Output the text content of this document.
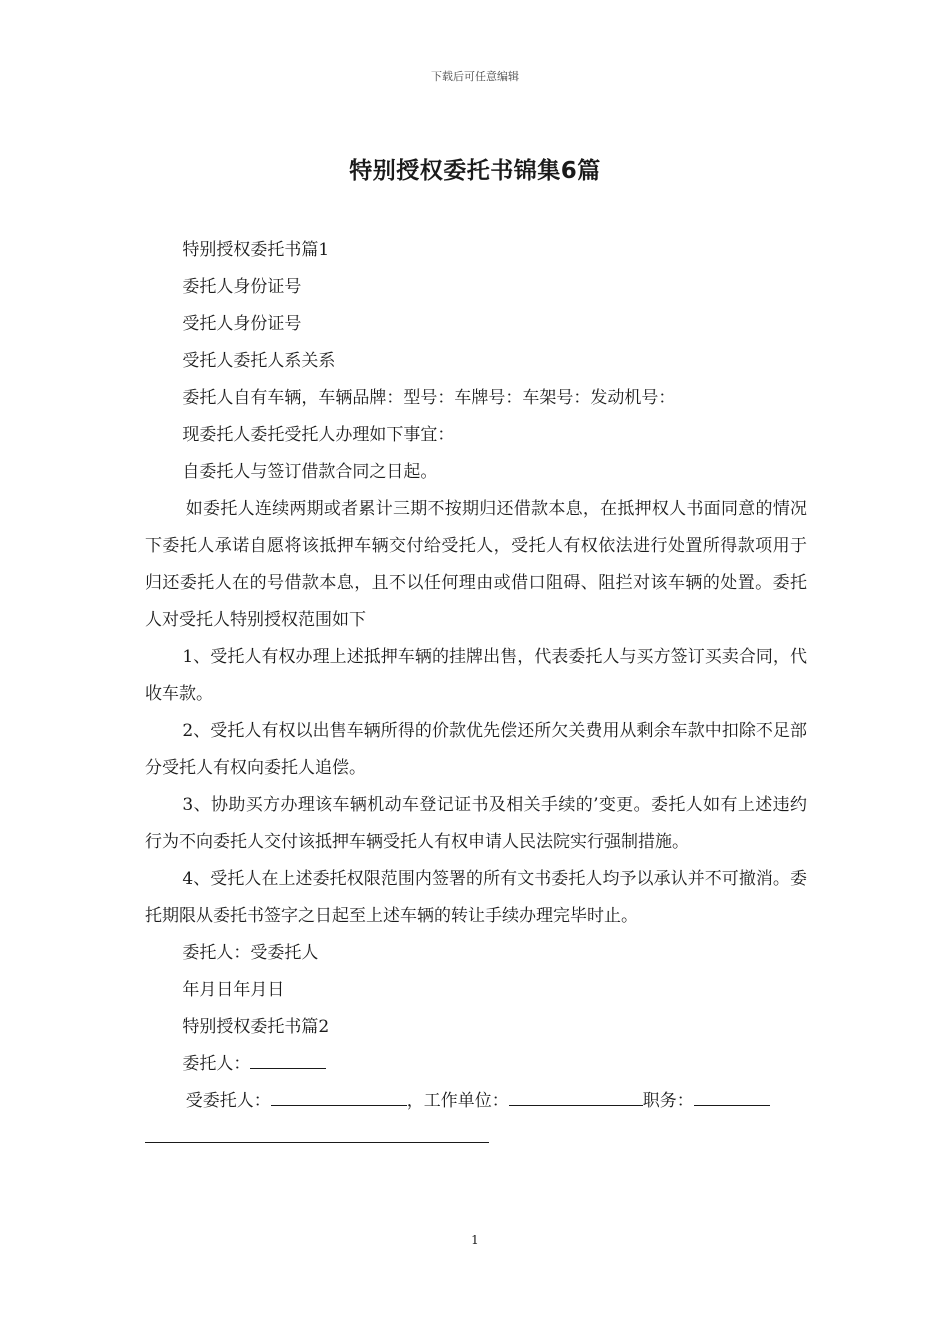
下载后可任意编辑
特别授权委托书锦集6篇

特别授权委托书篇1

委托人身份证号

受托人身份证号

受托人委托人系关系

委托人自有车辆，车辆品牌：型号：车牌号：车架号：发动机号：

现委托人委托受托人办理如下事宜：

自委托人与签订借款合同之日起。

如委托人连续两期或者累计三期不按期归还借款本息，在抵押权人书面同意的情况下委托人承诺自愿将该抵押车辆交付给受托人，受托人有权依法进行处置所得款项用于归还委托人在的号借款本息，且不以任何理由或借口阻碍、阻拦对该车辆的处置。委托人对受托人特别授权范围如下

1、受托人有权办理上述抵押车辆的挂牌出售，代表委托人与买方签订买卖合同，代收车款。

2、受托人有权以出售车辆所得的价款优先偿还所欠关费用从剩余车款中扣除不足部分受托人有权向委托人追偿。

3、协助买方办理该车辆机动车登记证书及相关手续的’变更。委托人如有上述违约行为不向委托人交付该抵押车辆受托人有权申请人民法院实行强制措施。

4、受托人在上述委托权限范围内签署的所有文书委托人均予以承认并不可撤消。委托期限从委托书签字之日起至上述车辆的转让手续办理完毕时止。

委托人：受委托人

年月日年月日

特别授权委托书篇2

委托人：

受委托人：	，工作单位：	职务：

1
